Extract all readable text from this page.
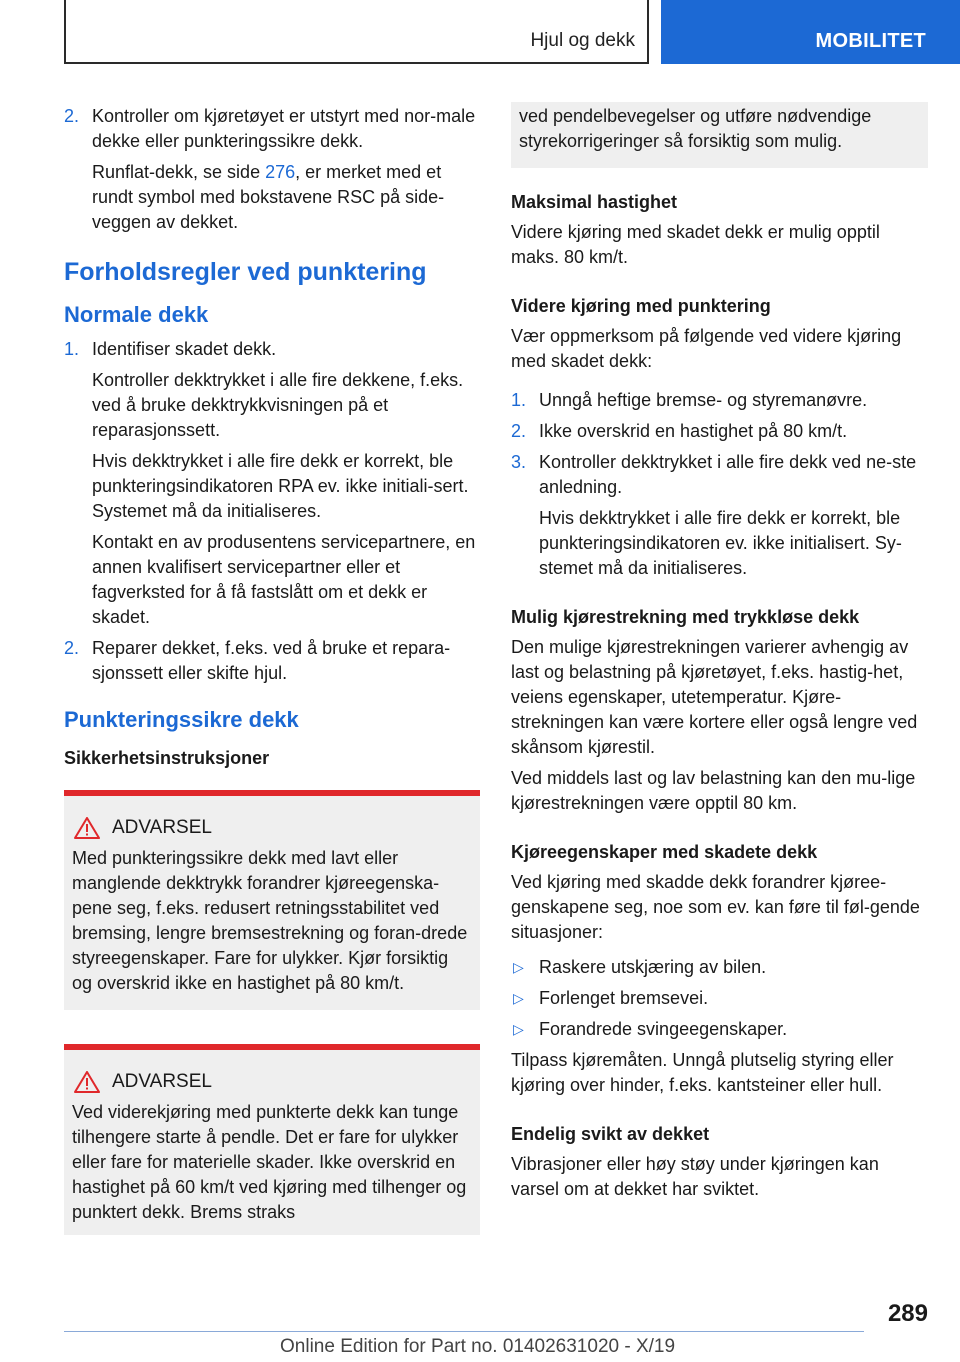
Hjul og dekk	MOBILITET
2. Kontroller om kjøretøyet er utstyrt med nor-male dekke eller punkteringssikre dekk.

Runflat-dekk, se side 276, er merket med et rundt symbol med bokstavene RSC på side-veggen av dekket.

Forholdsregler ved punktering
Normale dekk
1. Identifiser skadet dekk.

Kontroller dekktrykket i alle fire dekkene, f.eks. ved å bruke dekktrykkvisningen på et reparasjonssett.

Hvis dekktrykket i alle fire dekk er korrekt, ble punkteringsindikatoren RPA ev. ikke initiali-sert. Systemet må da initialiseres.

Kontakt en av produsentens servicepartnere, en annen kvalifisert servicepartner eller et fagverksted for å få fastslått om et dekk er skadet.

2. Reparer dekket, f.eks. ved å bruke et repara-sjonssett eller skifte hjul.

Punkteringssikre dekk
Sikkerhetsinstruksjoner
ADVARSEL

Med punkteringssikre dekk med lavt eller manglende dekktrykk forandrer kjøreegenska-pene seg, f.eks. redusert retningsstabilitet ved bremsing, lengre bremsestrekning og foran-drede styreegenskaper. Fare for ulykker. Kjør forsiktig og overskrid ikke en hastighet på 80 km/t.

ADVARSEL

Ved viderekjøring med punkterte dekk kan tunge tilhengere starte å pendle. Det er fare for ulykker eller fare for materielle skader. Ikke overskrid en hastighet på 60 km/t ved kjøring med tilhenger og punktert dekk. Brems straks

ved pendelbevegelser og utføre nødvendige styrekorrigeringer så forsiktig som mulig.

Maksimal hastighet

Videre kjøring med skadet dekk er mulig opptil maks. 80 km/t.

Videre kjøring med punktering

Vær oppmerksom på følgende ved videre kjøring med skadet dekk:

1. Unngå heftige bremse- og styremanøvre.

2. Ikke overskrid en hastighet på 80 km/t.

3. Kontroller dekktrykket i alle fire dekk ved ne-ste anledning.

Hvis dekktrykket i alle fire dekk er korrekt, ble punkteringsindikatoren ev. ikke initialisert. Sy-stemet må da initialiseres.

Mulig kjørestrekning med trykkløse dekk

Den mulige kjørestrekningen varierer avhengig av last og belastning på kjøretøyet, f.eks. hastig-het, veiens egenskaper, utetemperatur. Kjøre-strekningen kan være kortere eller også lengre ved skånsom kjørestil.

Ved middels last og lav belastning kan den mu-lige kjørestrekningen være opptil 80 km.

Kjøreegenskaper med skadete dekk

Ved kjøring med skadde dekk forandrer kjøree-genskapene seg, noe som ev. kan føre til føl-gende situasjoner:

▷ Raskere utskjæring av bilen.

▷ Forlenget bremsevei.

▷ Forandrede svingeegenskaper.

Tilpass kjøremåten. Unngå plutselig styring eller kjøring over hinder, f.eks. kantsteiner eller hull.

Endelig svikt av dekket

Vibrasjoner eller høy støy under kjøringen kan varsel om at dekket har sviktet.

289
Online Edition for Part no. 01402631020 - X/19
